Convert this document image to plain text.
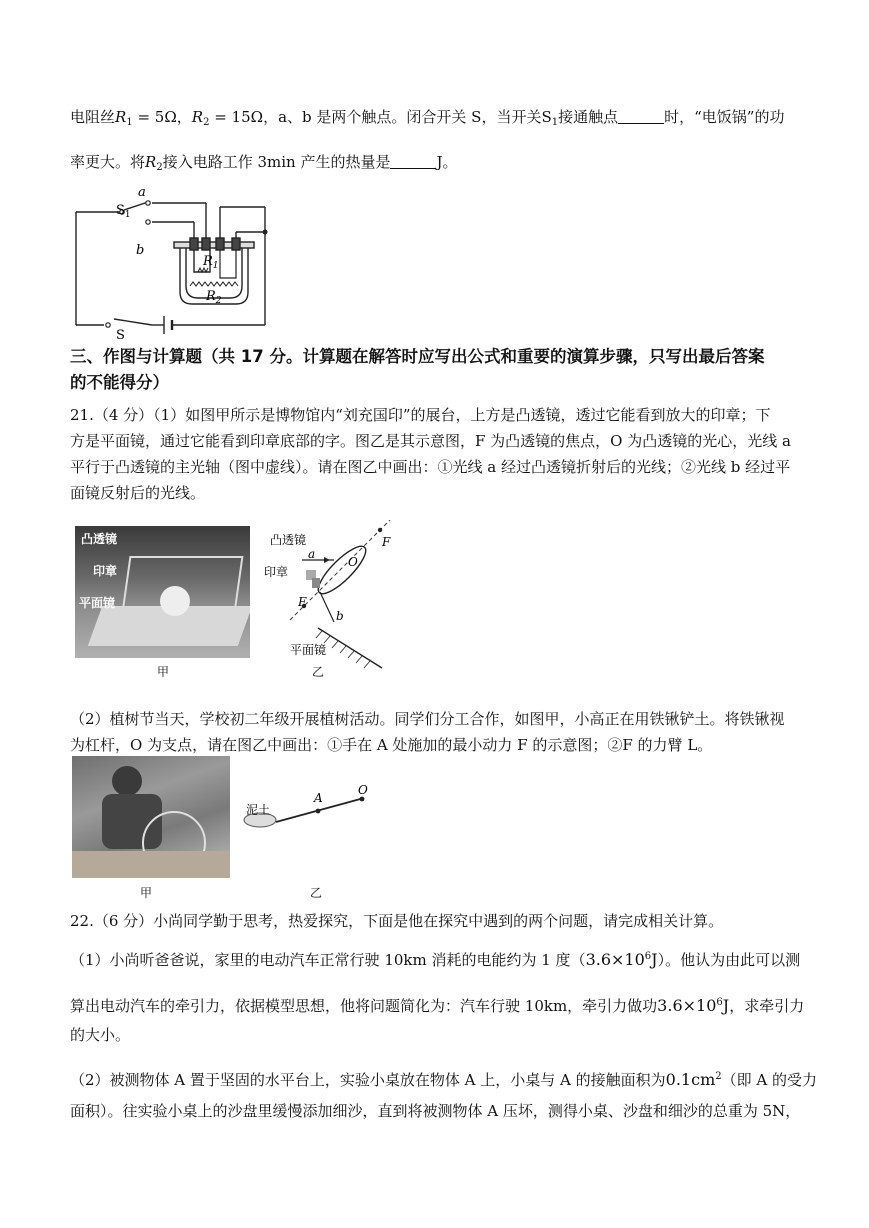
电阻丝$R_1 = 5\Omega$，$R_2 = 15\Omega$，a、b 是两个触点。闭合开关 S，当开关$S_1$接通触点	时，“电饭锅”的功
率更大。将$R_2$接入电路工作 3min 产生的热量是	J。
a
b
$S_1$
$R_1$
$R_2$
S
三、作图与计算题（共 17 分。计算题在解答时应写出公式和重要的演算步骤，只写出最后答案
的不能得分）
21.（4 分）（1）如图甲所示是博物馆内“刘充国印”的展台，上方是凸透镜，透过它能看到放大的印章；下
方是平面镜，通过它能看到印章底部的字。图乙是其示意图，F 为凸透镜的焦点，O 为凸透镜的光心，光线 a
平行于凸透镜的主光轴（图中虚线）。请在图乙中画出：①光线 a 经过凸透镜折射后的光线；②光线 b 经过平
面镜反射后的光线。
凸透镜
印章
平面镜
甲
凸透镜
印章
平面镜
F
F
O
a
b
乙
（2）植树节当天，学校初二年级开展植树活动。同学们分工合作，如图甲，小高正在用铁锹铲土。将铁锹视
为杠杆，O 为支点，请在图乙中画出：①手在 A 处施加的最小动力 F 的示意图；②F 的力臂 L。
甲
泥土
A
O
乙
22.（6 分）小尚同学勤于思考，热爱探究，下面是他在探究中遇到的两个问题，请完成相关计算。
（1）小尚听爸爸说，家里的电动汽车正常行驶 10km 消耗的电能约为 1 度$(3.6\times 10^6J)$。他认为由此可以测
算出电动汽车的牵引力，依据模型思想，他将问题简化为：汽车行驶 10km，牵引力做功$3.6\times 10^6J$，求牵引力
的大小。
（2）被测物体 A 置于坚固的水平台上，实验小桌放在物体 A 上，小桌与 A 的接触面积为$0.1cm^2$（即 A 的受力
面积）。往实验小桌上的沙盘里缓慢添加细沙，直到将被测物体 A 压坏，测得小桌、沙盘和细沙的总重为 5N，
